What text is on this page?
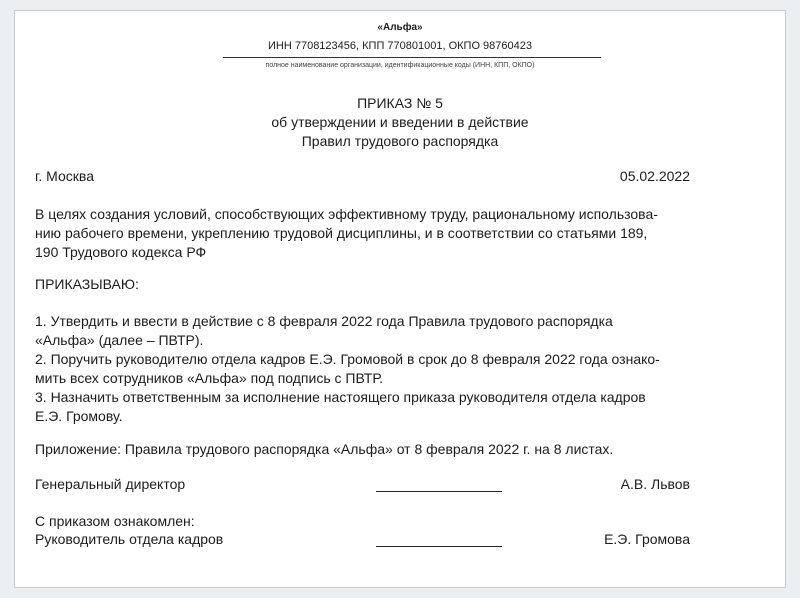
«Альфа»
ИНН 7708123456, КПП 770801001, ОКПО 98760423
полное наименование организации, идентификационные коды (ИНН, КПП, ОКПО)
ПРИКАЗ № 5
об утверждении и введении в действие
Правил трудового распорядка
г. Москва	05.02.2022
В целях создания условий, способствующих эффективному труду, рациональному использова-
нию рабочего времени, укреплению трудовой дисциплины, и в соответствии со статьями 189,
190 Трудового кодекса РФ
ПРИКАЗЫВАЮ:
1. Утвердить и ввести в действие с 8 февраля 2022 года Правила трудового распорядка
«Альфа» (далее – ПВТР).
2. Поручить руководителю отдела кадров Е.Э. Громовой в срок до 8 февраля 2022 года ознако-
мить всех сотрудников «Альфа» под подпись с ПВТР.
3. Назначить ответственным за исполнение настоящего приказа руководителя отдела кадров
Е.Э. Громову.
Приложение: Правила трудового распорядка «Альфа» от 8 февраля 2022 г. на 8 листах.
Генеральный директор	А.В. Львов
С приказом ознакомлен:
Руководитель отдела кадров	Е.Э. Громова
